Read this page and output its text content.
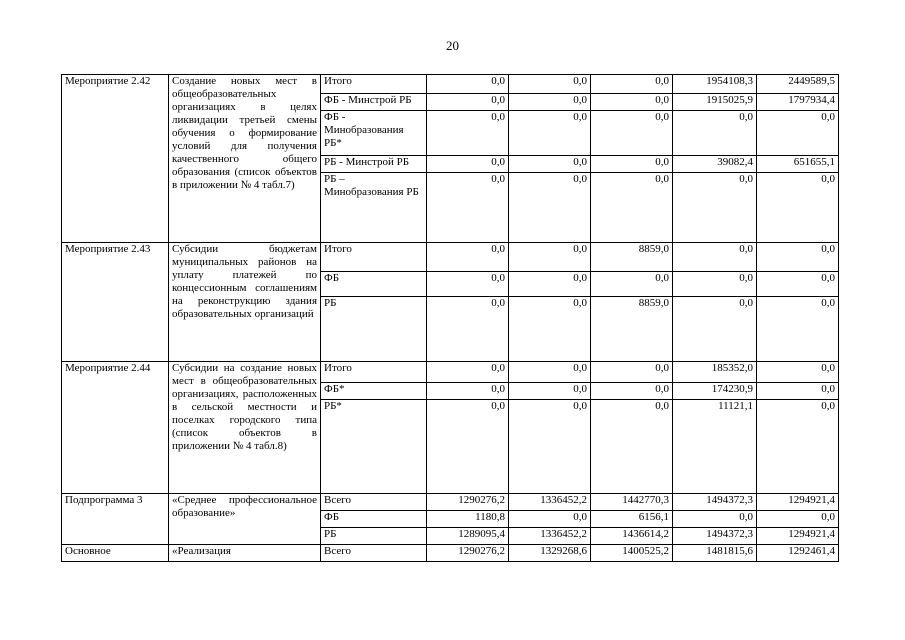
20
Мероприятие 2.42	Создание новых мест в общеобразовательных организациях в целях ликвидации третьей смены обучения о формирование условий для получения качественного общего образования (список объектов в приложении № 4 табл.7)	Итого	0,0	0,0	0,0	1954108,3	2449589,5
		ФБ - Минстрой РБ	0,0	0,0	0,0	1915025,9	1797934,4
		ФБ - Минобразования РБ*	0,0	0,0	0,0	0,0	0,0
		РБ - Минстрой РБ	0,0	0,0	0,0	39082,4	651655,1
		РБ – Минобразования РБ	0,0	0,0	0,0	0,0	0,0
Мероприятие 2.43	Субсидии бюджетам муниципальных районов на уплату платежей по концессионным соглашениям на реконструкцию здания образовательных организаций	Итого	0,0	0,0	8859,0	0,0	0,0
		ФБ	0,0	0,0	0,0	0,0	0,0
		РБ	0,0	0,0	8859,0	0,0	0,0
Мероприятие 2.44	Субсидии на создание новых мест в общеобразовательных организациях, расположенных в сельской местности и поселках городского типа (список объектов в приложении № 4 табл.8)	Итого	0,0	0,0	0,0	185352,0	0,0
		ФБ*	0,0	0,0	0,0	174230,9	0,0
		РБ*	0,0	0,0	0,0	11121,1	0,0
Подпрограмма 3	«Среднее профессиональное образование»	Всего	1290276,2	1336452,2	1442770,3	1494372,3	1294921,4
		ФБ	1180,8	0,0	6156,1	0,0	0,0
		РБ	1289095,4	1336452,2	1436614,2	1494372,3	1294921,4
Основное	«Реализация	Всего	1290276,2	1329268,6	1400525,2	1481815,6	1292461,4
